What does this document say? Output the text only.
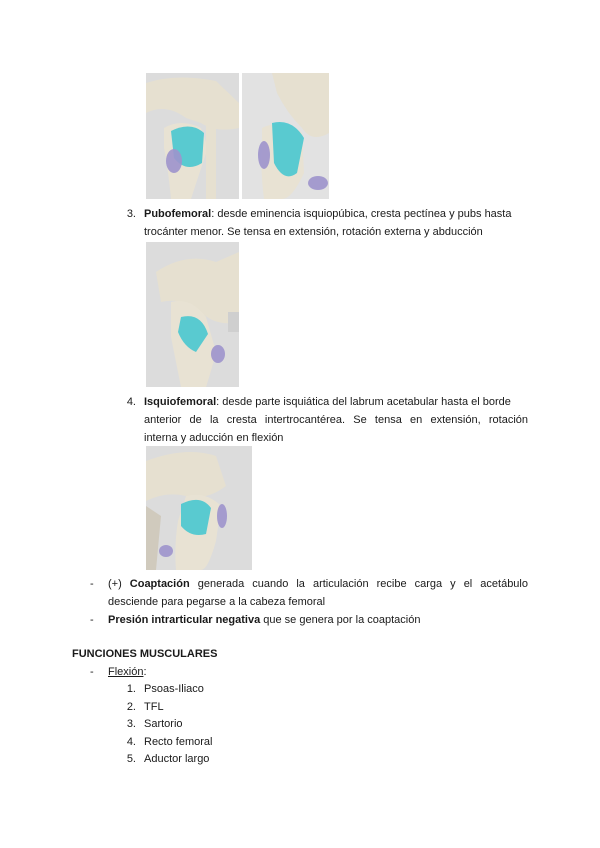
3. Pubofemoral: desde eminencia isquiopúbica, cresta pectínea y pubs hasta
trocánter menor. Se tensa en extensión, rotación externa y abducción
4. Isquiofemoral: desde parte isquiática del labrum acetabular hasta el borde
anterior de la cresta intertrocantérea. Se tensa en extensión, rotación
interna y aducción en flexión
- (+) Coaptación generada cuando la articulación recibe carga y el acetábulo
desciende para pegarse a la cabeza femoral
- Presión intrarticular negativa que se genera por la coaptación
FUNCIONES MUSCULARES
- Flexión:
1. Psoas-Iliaco
2. TFL
3. Sartorio
4. Recto femoral
5. Aductor largo
